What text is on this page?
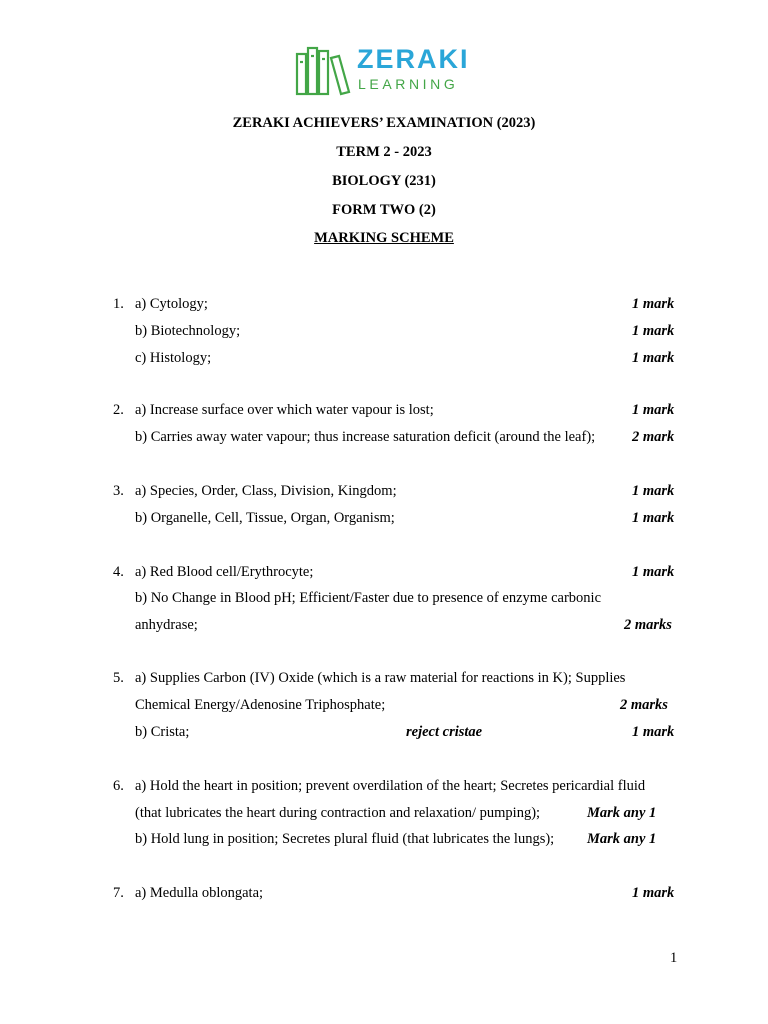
ZERAKI
LEARNING
ZERAKI ACHIEVERS’ EXAMINATION (2023)
TERM 2 - 2023
BIOLOGY (231)
FORM TWO (2)
MARKING SCHEME
1. a) Cytology;	1 mark
b) Biotechnology;	1 mark
c) Histology;	1 mark
2. a) Increase surface over which water vapour is lost;	1 mark
b) Carries away water vapour; thus increase saturation deficit (around the leaf);	2 mark
3. a) Species, Order, Class, Division, Kingdom;	1 mark
b) Organelle, Cell, Tissue, Organ, Organism;	1 mark
4. a) Red Blood cell/Erythrocyte;	1 mark
b) No Change in Blood pH; Efficient/Faster due to presence of enzyme carbonic
anhydrase;	2 marks
5. a) Supplies Carbon (IV) Oxide (which is a raw material for reactions in K); Supplies
Chemical Energy/Adenosine Triphosphate;	2 marks
b) Crista;	reject cristae	1 mark
6. a) Hold the heart in position; prevent overdilation of the heart; Secretes pericardial fluid
(that lubricates the heart during contraction and relaxation/ pumping);	Mark any 1
b) Hold lung in position; Secretes plural fluid (that lubricates the lungs); Mark any 1
7. a) Medulla oblongata;	1 mark
1
